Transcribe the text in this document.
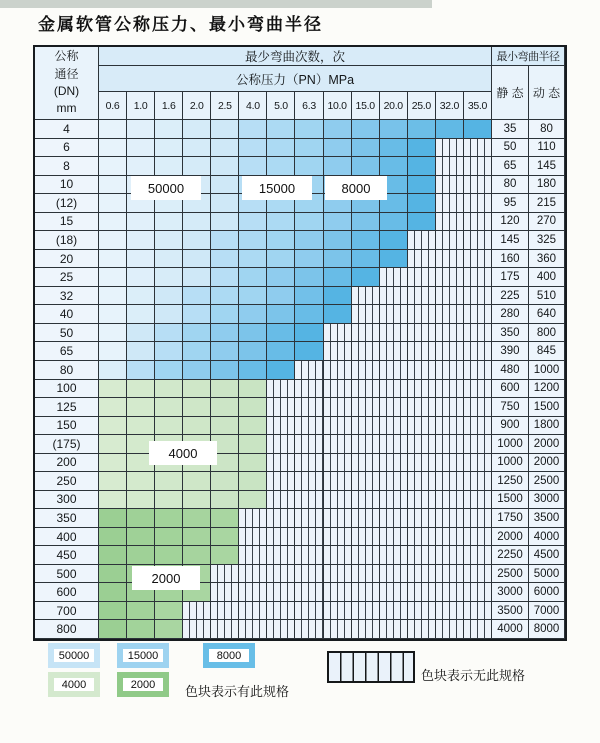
金属软管公称压力、最小弯曲半径
公称
通径
(DN)
mm
最少弯曲次数，次	最小弯曲半径
公称压力（PN）MPa
静 态 动 态
0.6	1.0	1.6	2.0	2.5	4.0	5.0	6.3	10.0 15.0 20.0 25.0 32.0 35.0
4	35	80
6	50	110
8	65	145
10	80	180
(12)	95	215
15	120	270
(18)	145	325
20	160	360
25	175	400
32	225	510
40	280	640
50	350	800
65	390	845
80	480	1000
100	600	1200
125	750	1500
150	900	1800
(175)	1000 2000
200	1000 2000
250	1250 2500
300	1500 3000
350	1750 3500
400	2000 4000
450	2250 4500
500	2500 5000
600	3000 6000
700	3500 7000
800	4000 8000
50000	15000	8000
4000
2000
50000	15000	8000
4000	2000 色块表示有此规格
色块表示无此规格
